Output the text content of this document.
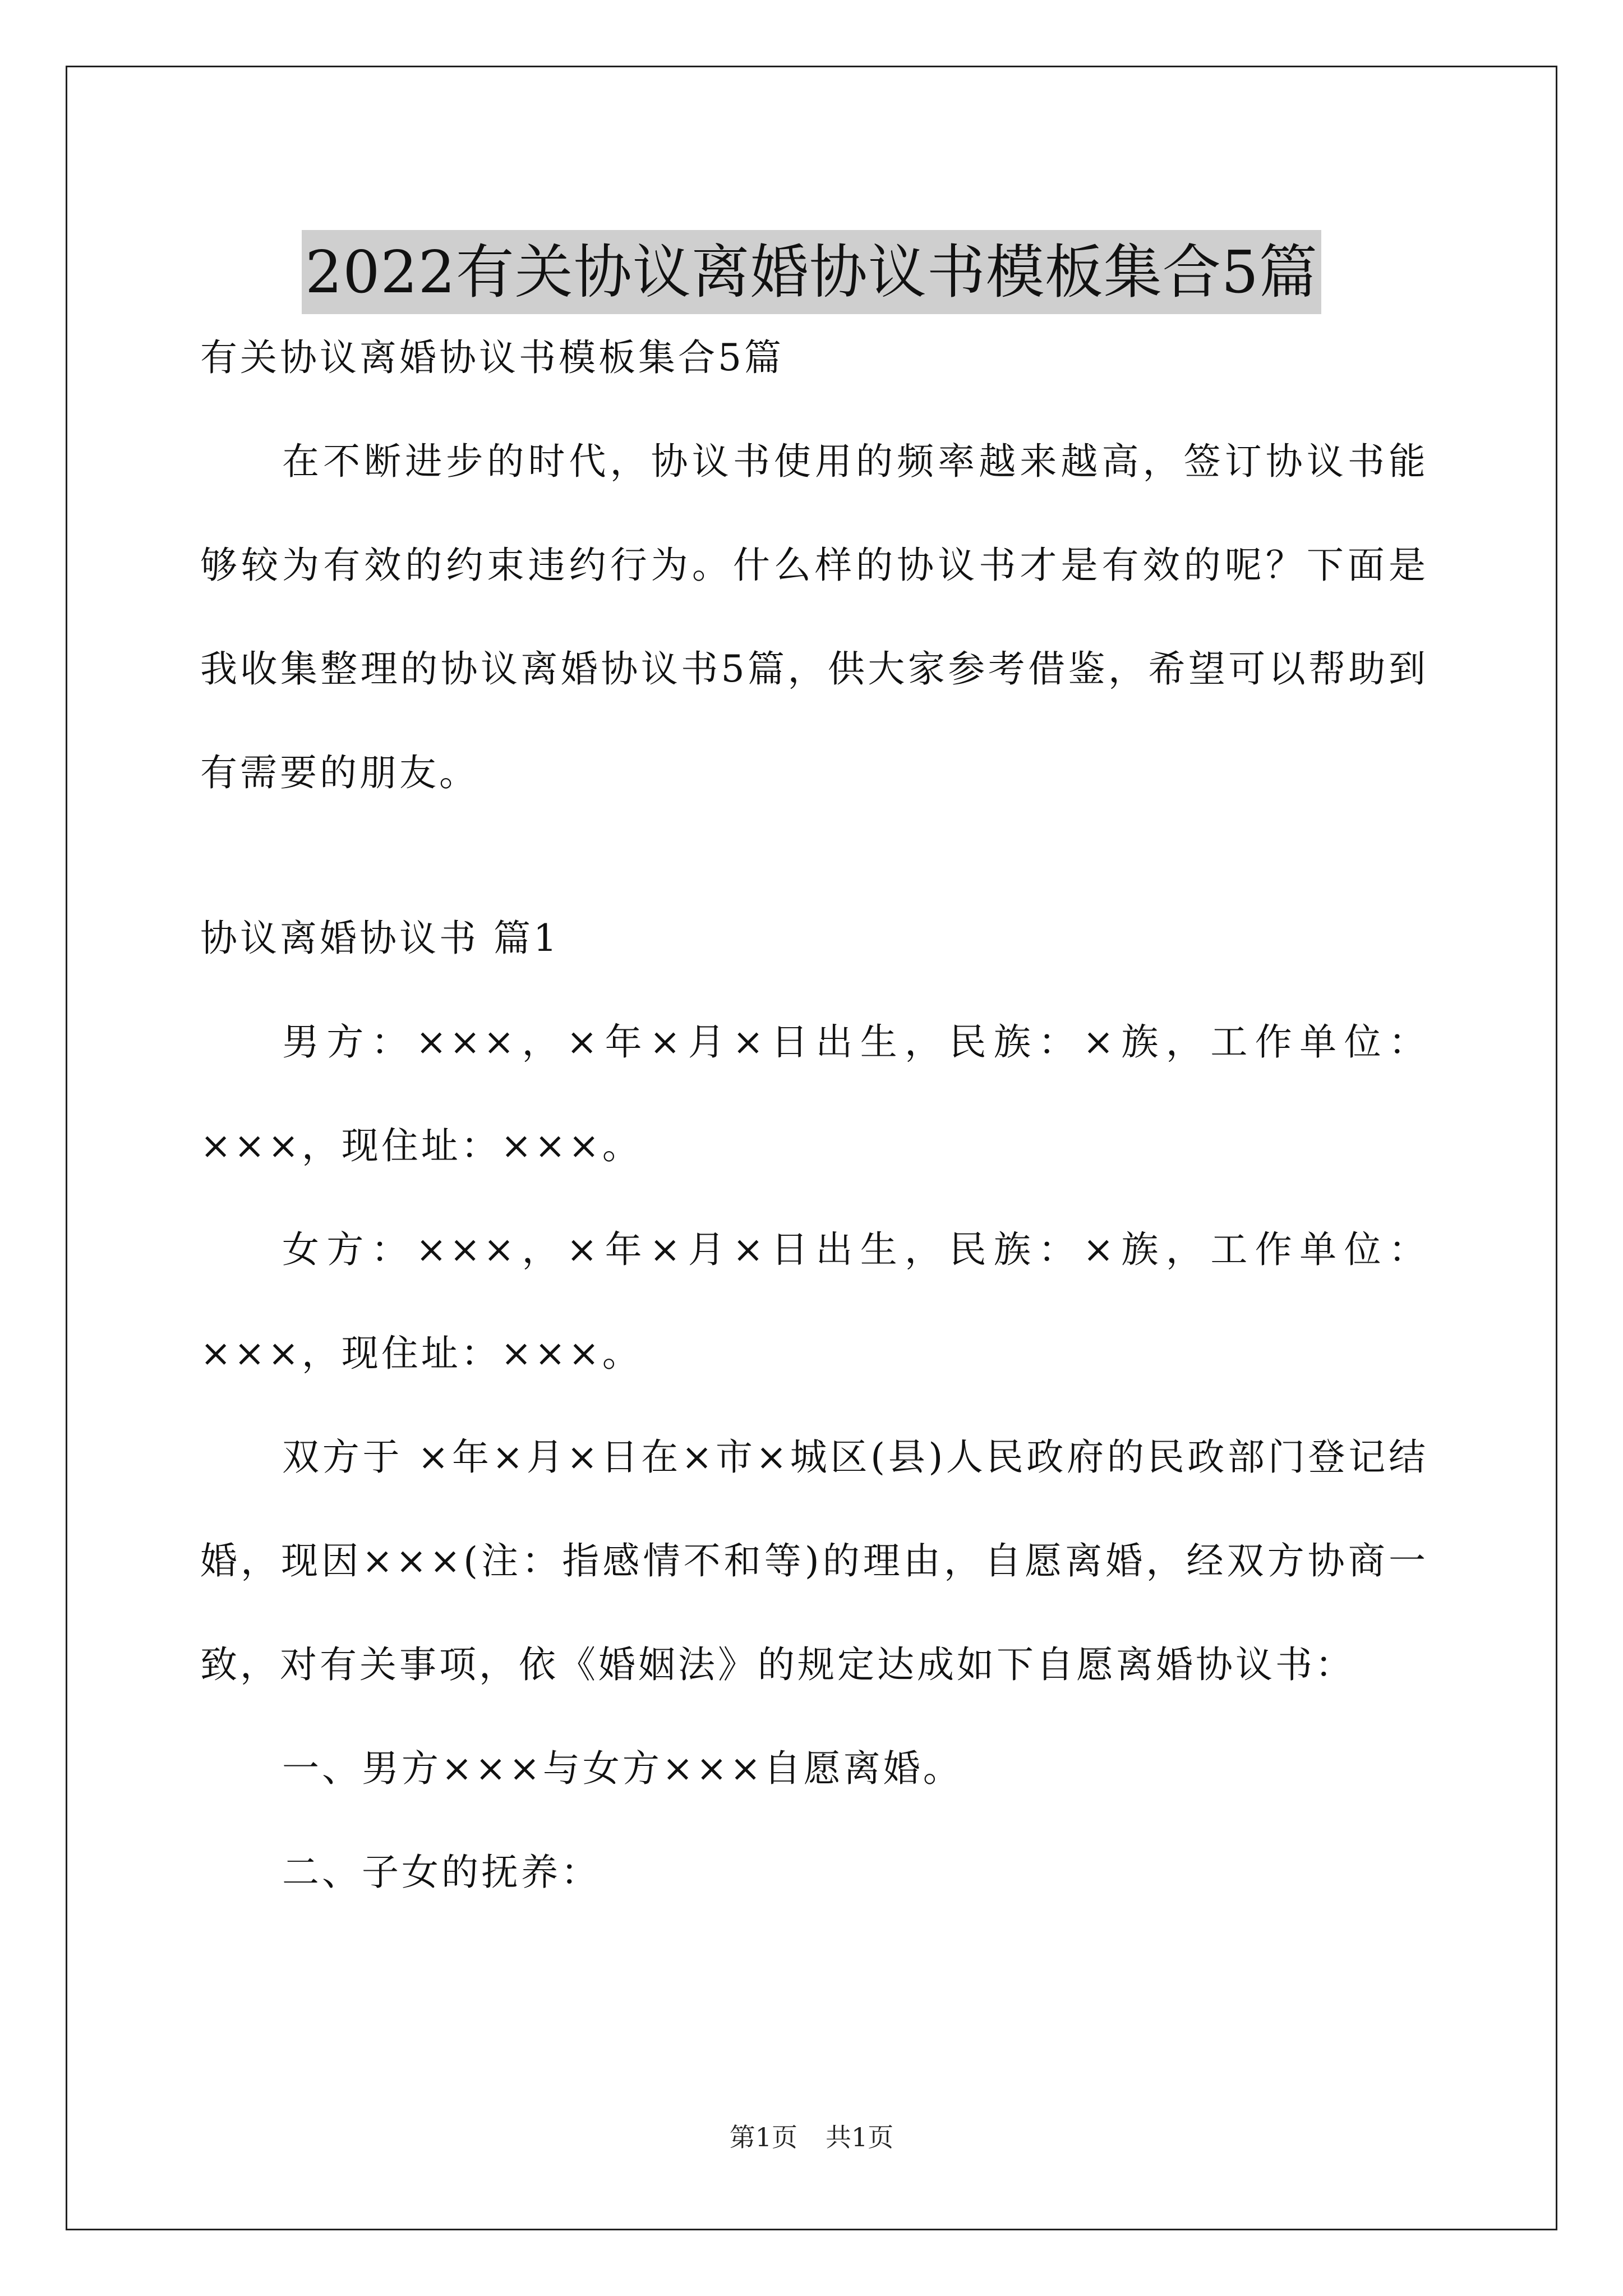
2022有关协议离婚协议书模板集合5篇

有关协议离婚协议书模板集合5篇

在不断进步的时代，协议书使用的频率越来越高，签订协议书能够较为有效的约束违约行为。什么样的协议书才是有效的呢？下面是我收集整理的协议离婚协议书5篇，供大家参考借鉴，希望可以帮助到有需要的朋友。

协议离婚协议书 篇1

男方：×××，×年×月×日出生，民族：×族，工作单位：×××，现住址：×××。

女方：×××，×年×月×日出生，民族：×族，工作单位：×××，现住址：×××。

双方于 ×年×月×日在×市×城区(县)人民政府的民政部门登记结婚，现因×××(注：指感情不和等)的理由，自愿离婚，经双方协商一致，对有关事项，依《婚姻法》的规定达成如下自愿离婚协议书：

一、男方×××与女方×××自愿离婚。

二、子女的抚养：

第1页 共1页
